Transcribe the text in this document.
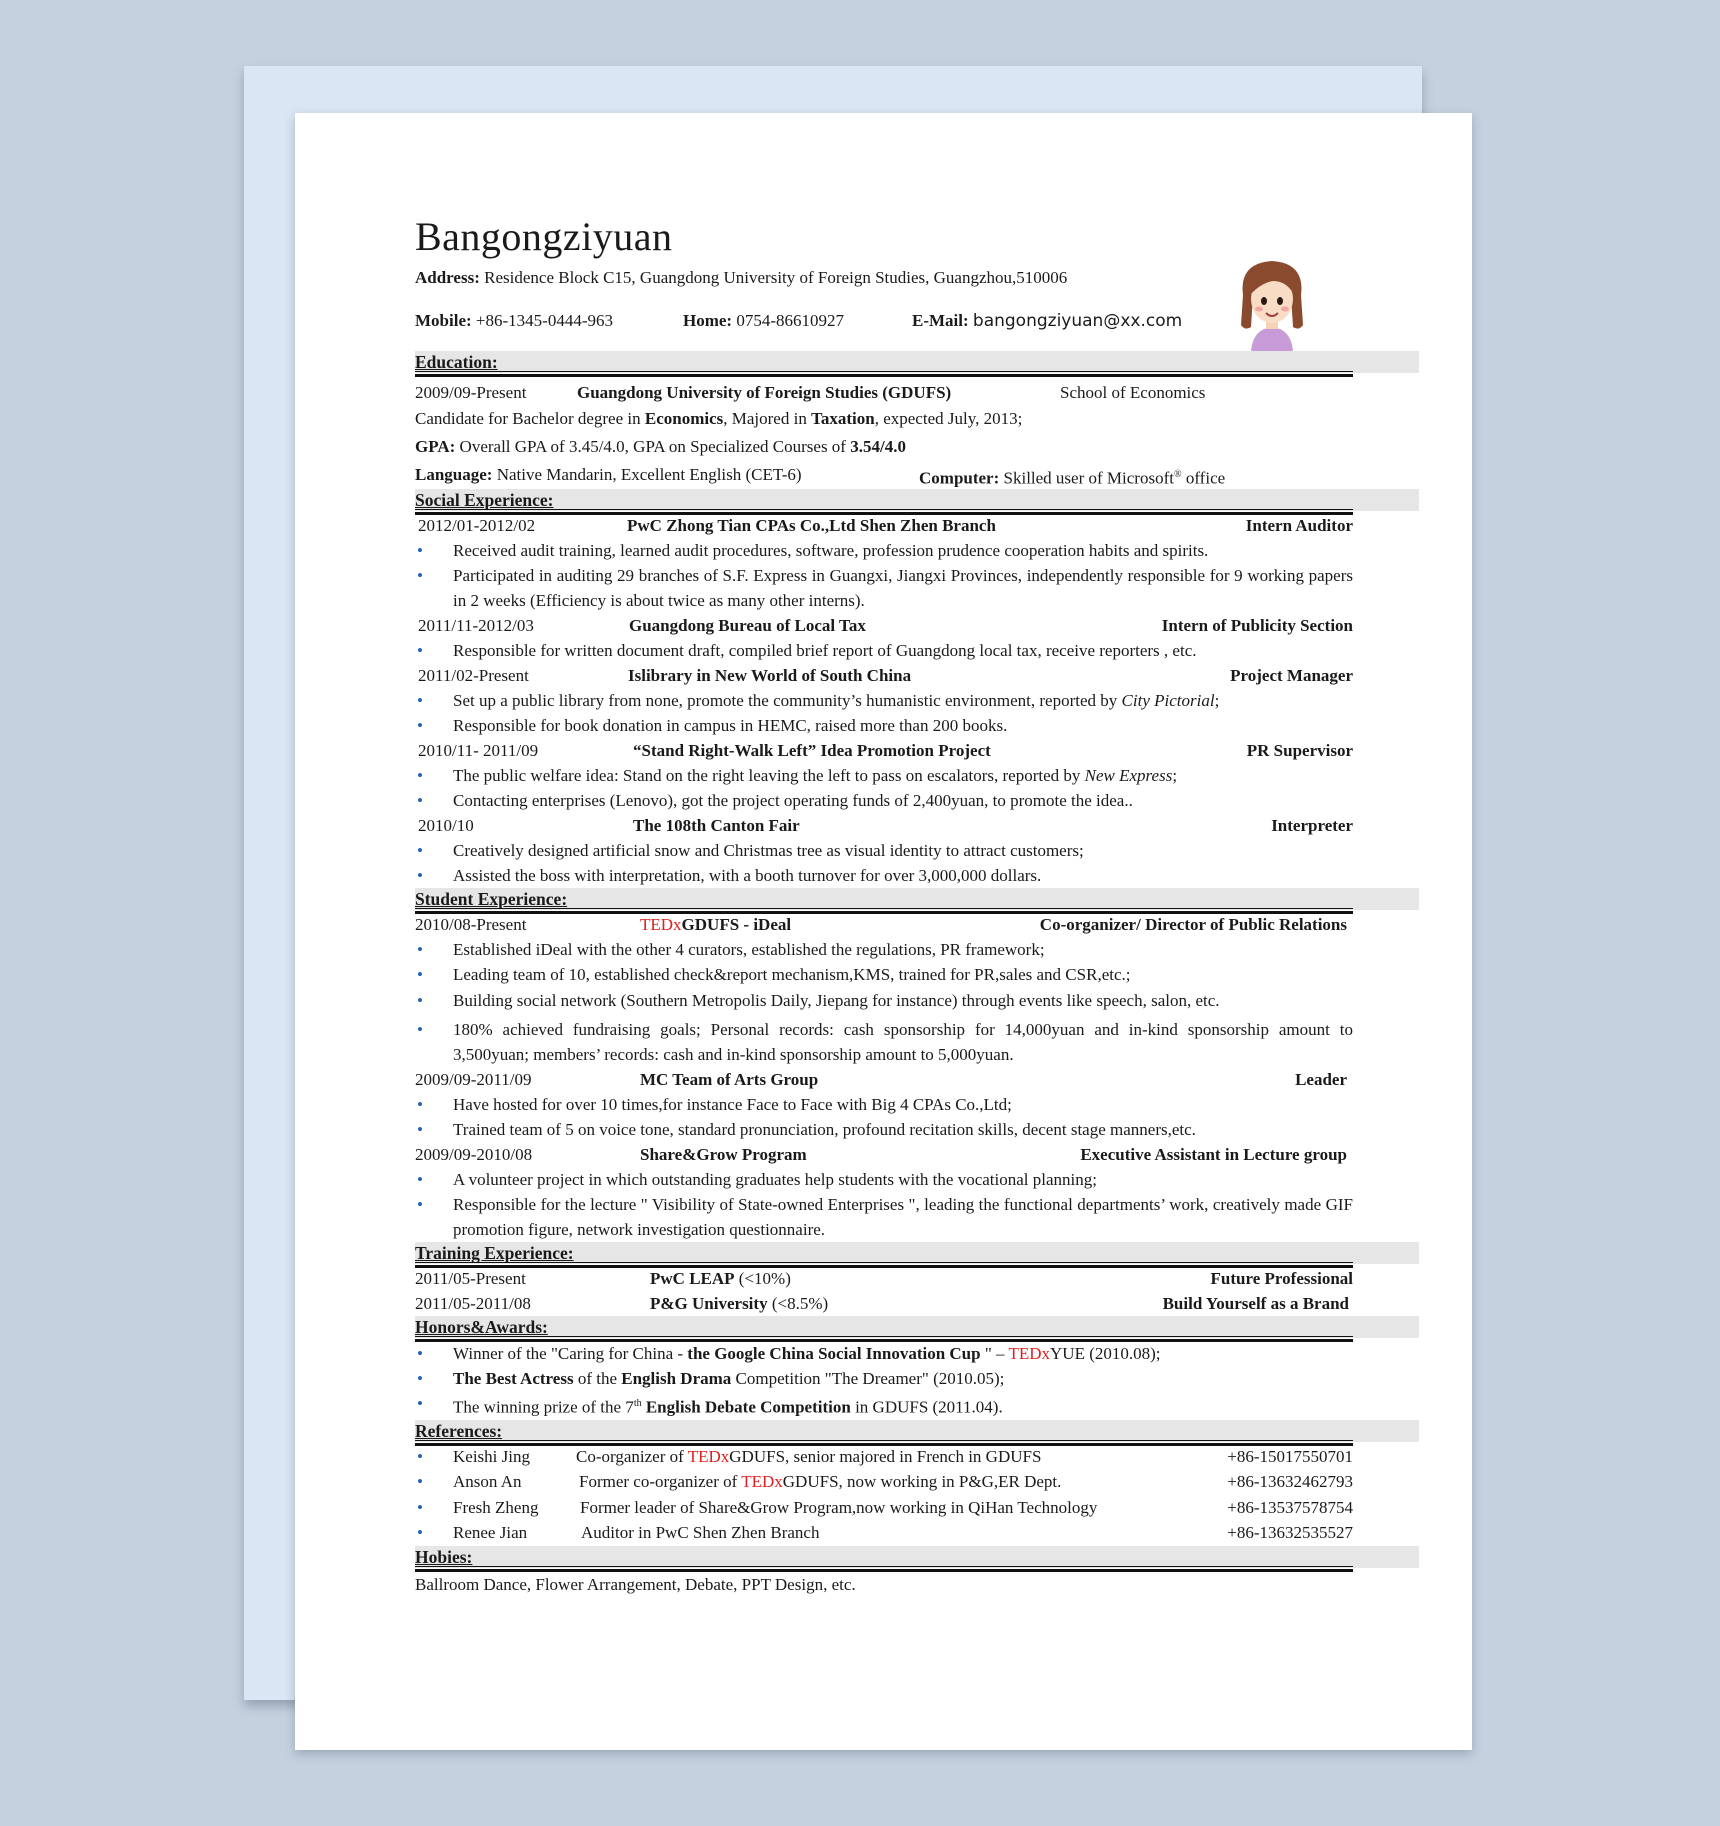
Bangongziyuan
Address: Residence Block C15, Guangdong University of Foreign Studies, Guangzhou,510006
Mobile: +86-1345-0444-963	Home: 0754-86610927	E-Mail: bangongziyuan@xx.com
Education:
2009/09-Present	Guangdong University of Foreign Studies (GDUFS)	School of Economics
Candidate for Bachelor degree in Economics, Majored in Taxation, expected July, 2013;
GPA: Overall GPA of 3.45/4.0, GPA on Specialized Courses of 3.54/4.0
Language: Native Mandarin, Excellent English (CET-6)	Computer: Skilled user of Microsoft® office
Social Experience:
2012/01-2012/02	PwC Zhong Tian CPAs Co.,Ltd Shen Zhen Branch	Intern Auditor
• Received audit training, learned audit procedures, software, profession prudence cooperation habits and spirits.
• Participated in auditing 29 branches of S.F. Express in Guangxi, Jiangxi Provinces, independently responsible for 9 working papers in 2 weeks (Efficiency is about twice as many other interns).
2011/11-2012/03	Guangdong Bureau of Local Tax	Intern of Publicity Section
• Responsible for written document draft, compiled brief report of Guangdong local tax, receive reporters , etc.
2011/02-Present	Islibrary in New World of South China	Project Manager
• Set up a public library from none, promote the community’s humanistic environment, reported by City Pictorial;
• Responsible for book donation in campus in HEMC, raised more than 200 books.
2010/11- 2011/09	“Stand Right-Walk Left” Idea Promotion Project	PR Supervisor
• The public welfare idea: Stand on the right leaving the left to pass on escalators, reported by New Express;
• Contacting enterprises (Lenovo), got the project operating funds of 2,400yuan, to promote the idea..
2010/10	The 108th Canton Fair	Interpreter
• Creatively designed artificial snow and Christmas tree as visual identity to attract customers;
• Assisted the boss with interpretation, with a booth turnover for over 3,000,000 dollars.
Student Experience:
2010/08-Present	TEDxGDUFS - iDeal	Co-organizer/ Director of Public Relations
• Established iDeal with the other 4 curators, established the regulations, PR framework;
• Leading team of 10, established check&report mechanism,KMS, trained for PR,sales and CSR,etc.;
• Building social network (Southern Metropolis Daily, Jiepang for instance) through events like speech, salon, etc.
• 180% achieved fundraising goals; Personal records: cash sponsorship for 14,000yuan and in-kind sponsorship amount to 3,500yuan; members’ records: cash and in-kind sponsorship amount to 5,000yuan.
2009/09-2011/09	MC Team of Arts Group	Leader
• Have hosted for over 10 times,for instance Face to Face with Big 4 CPAs Co.,Ltd;
• Trained team of 5 on voice tone, standard pronunciation, profound recitation skills, decent stage manners,etc.
2009/09-2010/08	Share&Grow Program	Executive Assistant in Lecture group
• A volunteer project in which outstanding graduates help students with the vocational planning;
• Responsible for the lecture " Visibility of State-owned Enterprises ", leading the functional departments’ work, creatively made GIF promotion figure, network investigation questionnaire.
Training Experience:
2011/05-Present	PwC LEAP (<10%)	Future Professional
2011/05-2011/08	P&G University (<8.5%)	Build Yourself as a Brand
Honors&Awards:
• Winner of the "Caring for China - the Google China Social Innovation Cup " – TEDxYUE (2010.08);
• The Best Actress of the English Drama Competition "The Dreamer" (2010.05);
• The winning prize of the 7th English Debate Competition in GDUFS (2011.04).
References:
• Keishi Jing	Co-organizer of TEDxGDUFS, senior majored in French in GDUFS	+86-15017550701
• Anson An	Former co-organizer of TEDxGDUFS, now working in P&G,ER Dept.	+86-13632462793
• Fresh Zheng Former leader of Share&Grow Program,now working in QiHan Technology	+86-13537578754
• Renee Jian	Auditor in PwC Shen Zhen Branch	+86-13632535527
Hobies:
Ballroom Dance, Flower Arrangement, Debate, PPT Design, etc.
